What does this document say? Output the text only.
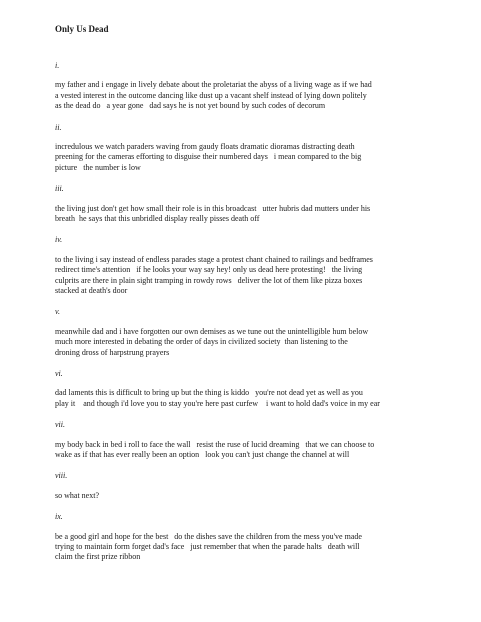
Only Us Dead
i.
my father and i engage in lively debate about the proletariat the abyss of a living wage as if we had
a vested interest in the outcome dancing like dust up a vacant shelf instead of lying down politely
as the dead do   a year gone   dad says he is not yet bound by such codes of decorum
ii.
incredulous we watch paraders waving from gaudy floats dramatic dioramas distracting death
preening for the cameras efforting to disguise their numbered days   i mean compared to the big
picture   the number is low
iii.
the living just don't get how small their role is in this broadcast   utter hubris dad mutters under his
breath  he says that this unbridled display really pisses death off
iv.
to the living i say instead of endless parades stage a protest chant chained to railings and bedframes
redirect time's attention   if he looks your way say hey! only us dead here protesting!   the living
culprits are there in plain sight tramping in rowdy rows   deliver the lot of them like pizza boxes
stacked at death's door
v.
meanwhile dad and i have forgotten our own demises as we tune out the unintelligible hum below
much more interested in debating the order of days in civilized society  than listening to the
droning dross of harpstrung prayers
vi.
dad laments this is difficult to bring up but the thing is kiddo   you're not dead yet as well as you
play it    and though i'd love you to stay you're here past curfew    i want to hold dad's voice in my ear
vii.
my body back in bed i roll to face the wall   resist the ruse of lucid dreaming   that we can choose to
wake as if that has ever really been an option   look you can't just change the channel at will
viii.
so what next?
ix.
be a good girl and hope for the best   do the dishes save the children from the mess you've made
trying to maintain form forget dad's face   just remember that when the parade halts   death will
claim the first prize ribbon
